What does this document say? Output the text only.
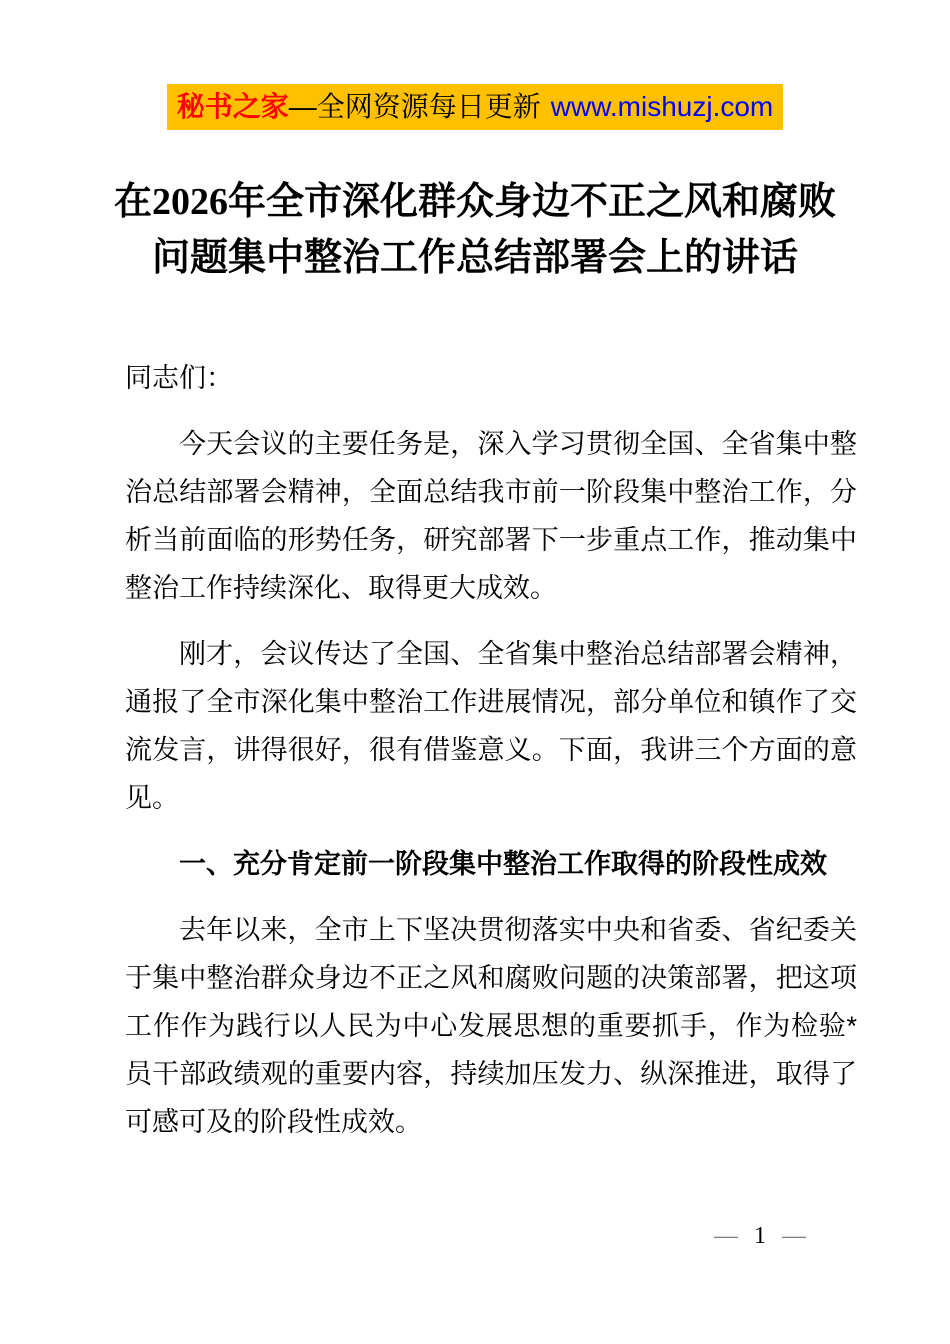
秘书之家—全网资源每日更新 www.mishuzj.com
在2026年全市深化群众身边不正之风和腐败
问题集中整治工作总结部署会上的讲话

同志们：

今天会议的主要任务是，深入学习贯彻全国、全省集中整治总结部署会精神，全面总结我市前一阶段集中整治工作，分析当前面临的形势任务，研究部署下一步重点工作，推动集中整治工作持续深化、取得更大成效。

刚才，会议传达了全国、全省集中整治总结部署会精神，通报了全市深化集中整治工作进展情况，部分单位和镇作了交流发言，讲得很好，很有借鉴意义。下面，我讲三个方面的意见。

一、充分肯定前一阶段集中整治工作取得的阶段性成效

去年以来，全市上下坚决贯彻落实中央和省委、省纪委关于集中整治群众身边不正之风和腐败问题的决策部署，把这项工作作为践行以人民为中心发展思想的重要抓手，作为检验*员干部政绩观的重要内容，持续加压发力、纵深推进，取得了可感可及的阶段性成效。

— 1 —
